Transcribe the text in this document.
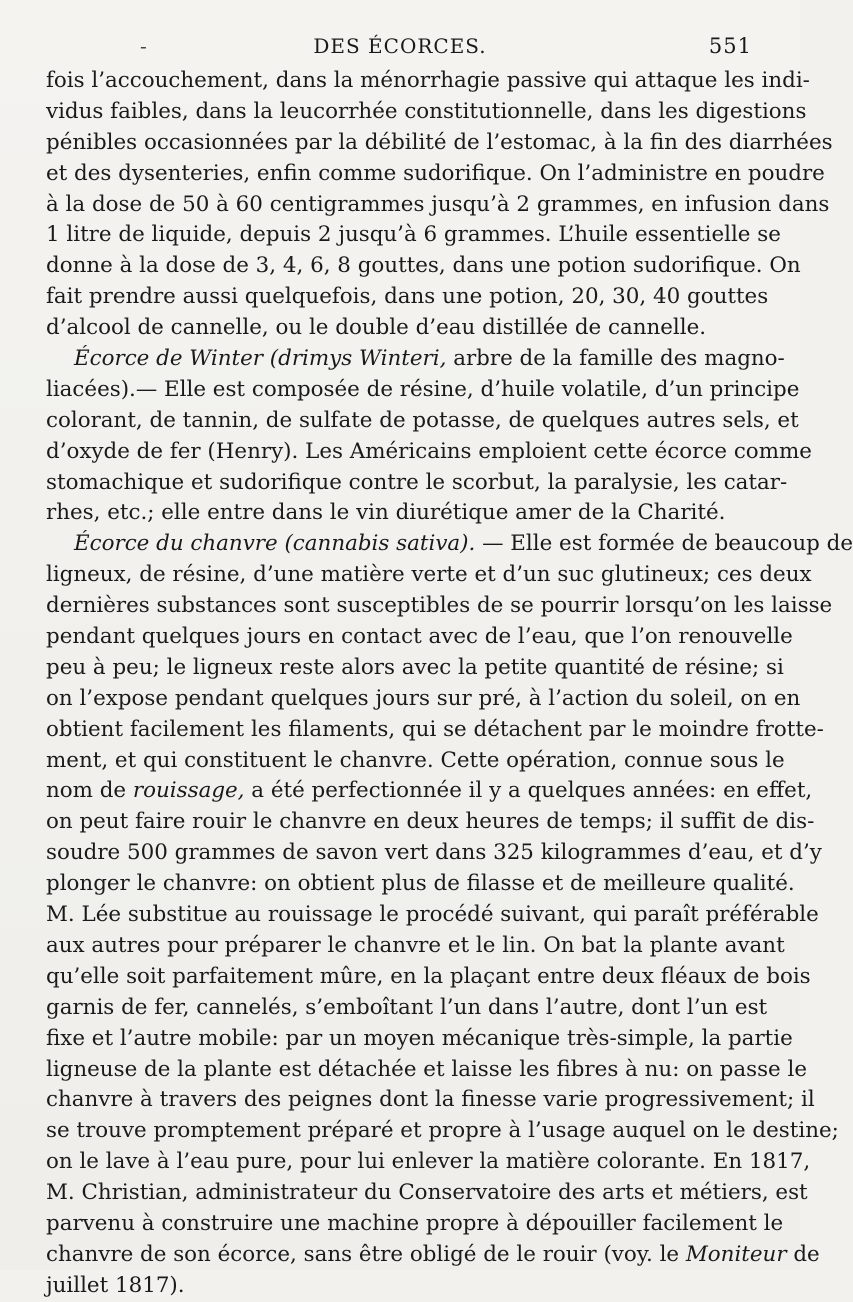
-	DES ÉCORCES.	551
fois l’accouchement, dans la ménorrhagie passive qui attaque les indi-
vidus faibles, dans la leucorrhée constitutionnelle, dans les digestions
pénibles occasionnées par la débilité de l’estomac, à la fin des diarrhées
et des dysenteries, enfin comme sudorifique. On l’administre en poudre
à la dose de 50 à 60 centigrammes jusqu’à 2 grammes, en infusion dans
1 litre de liquide, depuis 2 jusqu’à 6 grammes. L’huile essentielle se
donne à la dose de 3, 4, 6, 8 gouttes, dans une potion sudorifique. On
fait prendre aussi quelquefois, dans une potion, 20, 30, 40 gouttes
d’alcool de cannelle, ou le double d’eau distillée de cannelle.
Écorce de Winter (drimys Winteri, arbre de la famille des magno-
liacées).— Elle est composée de résine, d’huile volatile, d’un principe
colorant, de tannin, de sulfate de potasse, de quelques autres sels, et
d’oxyde de fer (Henry). Les Américains emploient cette écorce comme
stomachique et sudorifique contre le scorbut, la paralysie, les catar-
rhes, etc.; elle entre dans le vin diurétique amer de la Charité.
Écorce du chanvre (cannabis sativa). — Elle est formée de beaucoup de
ligneux, de résine, d’une matière verte et d’un suc glutineux; ces deux
dernières substances sont susceptibles de se pourrir lorsqu’on les laisse
pendant quelques jours en contact avec de l’eau, que l’on renouvelle
peu à peu; le ligneux reste alors avec la petite quantité de résine; si
on l’expose pendant quelques jours sur pré, à l’action du soleil, on en
obtient facilement les filaments, qui se détachent par le moindre frotte-
ment, et qui constituent le chanvre. Cette opération, connue sous le
nom de rouissage, a été perfectionnée il y a quelques années: en effet,
on peut faire rouir le chanvre en deux heures de temps; il suffit de dis-
soudre 500 grammes de savon vert dans 325 kilogrammes d’eau, et d’y
plonger le chanvre: on obtient plus de filasse et de meilleure qualité.
M. Lée substitue au rouissage le procédé suivant, qui paraît préférable
aux autres pour préparer le chanvre et le lin. On bat la plante avant
qu’elle soit parfaitement mûre, en la plaçant entre deux fléaux de bois
garnis de fer, cannelés, s’emboîtant l’un dans l’autre, dont l’un est
fixe et l’autre mobile: par un moyen mécanique très-simple, la partie
ligneuse de la plante est détachée et laisse les fibres à nu: on passe le
chanvre à travers des peignes dont la finesse varie progressivement; il
se trouve promptement préparé et propre à l’usage auquel on le destine;
on le lave à l’eau pure, pour lui enlever la matière colorante. En 1817,
M. Christian, administrateur du Conservatoire des arts et métiers, est
parvenu à construire une machine propre à dépouiller facilement le
chanvre de son écorce, sans être obligé de le rouir (voy. le Moniteur de
juillet 1817).
